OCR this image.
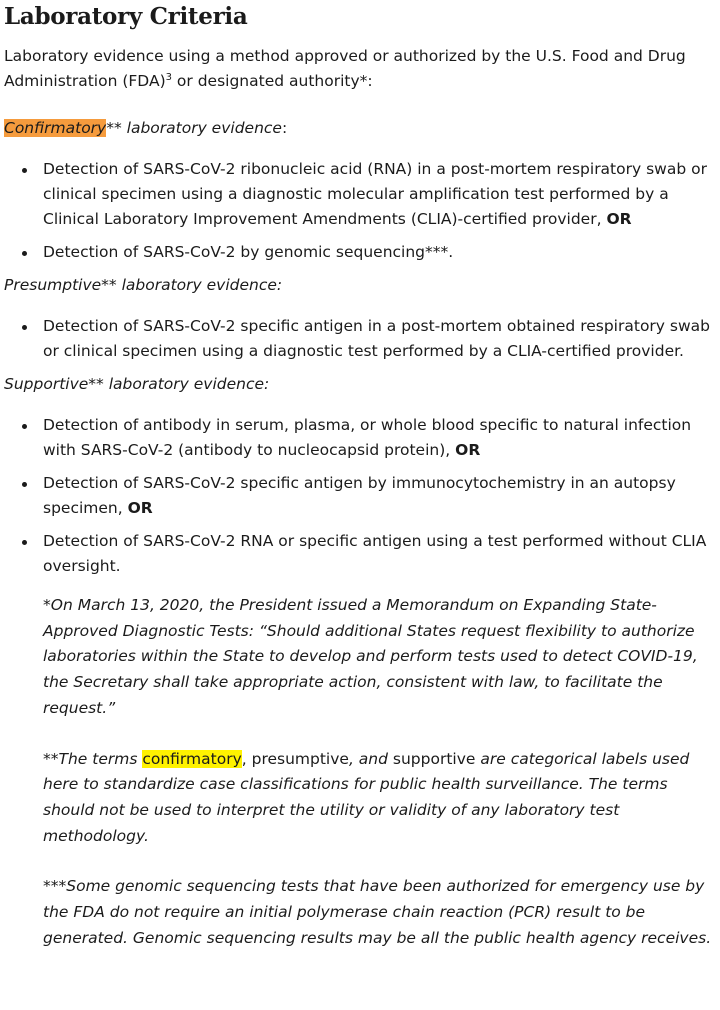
Laboratory Criteria

Laboratory evidence using a method approved or authorized by the U.S. Food and Drug Administration (FDA)$^3$ or designated authority*:

Confirmatory** laboratory evidence:

Detection of SARS-CoV-2 ribonucleic acid (RNA) in a post-mortem respiratory swab or clinical specimen using a diagnostic molecular amplification test performed by a Clinical Laboratory Improvement Amendments (CLIA)-certified provider, OR
Detection of SARS-CoV-2 by genomic sequencing***.

Presumptive** laboratory evidence:

Detection of SARS-CoV-2 specific antigen in a post-mortem obtained respiratory swab or clinical specimen using a diagnostic test performed by a CLIA-certified provider.

Supportive** laboratory evidence:

Detection of antibody in serum, plasma, or whole blood specific to natural infection with SARS-CoV-2 (antibody to nucleocapsid protein), OR
Detection of SARS-CoV-2 specific antigen by immunocytochemistry in an autopsy specimen, OR
Detection of SARS-CoV-2 RNA or specific antigen using a test performed without CLIA oversight.

*On March 13, 2020, the President issued a Memorandum on Expanding State-Approved Diagnostic Tests: “Should additional States request flexibility to authorize laboratories within the State to develop and perform tests used to detect COVID-19, the Secretary shall take appropriate action, consistent with law, to facilitate the request.”

**The terms confirmatory, presumptive, and supportive are categorical labels used here to standardize case classifications for public health surveillance. The terms should not be used to interpret the utility or validity of any laboratory test methodology.

***Some genomic sequencing tests that have been authorized for emergency use by the FDA do not require an initial polymerase chain reaction (PCR) result to be generated. Genomic sequencing results may be all the public health agency receives.
